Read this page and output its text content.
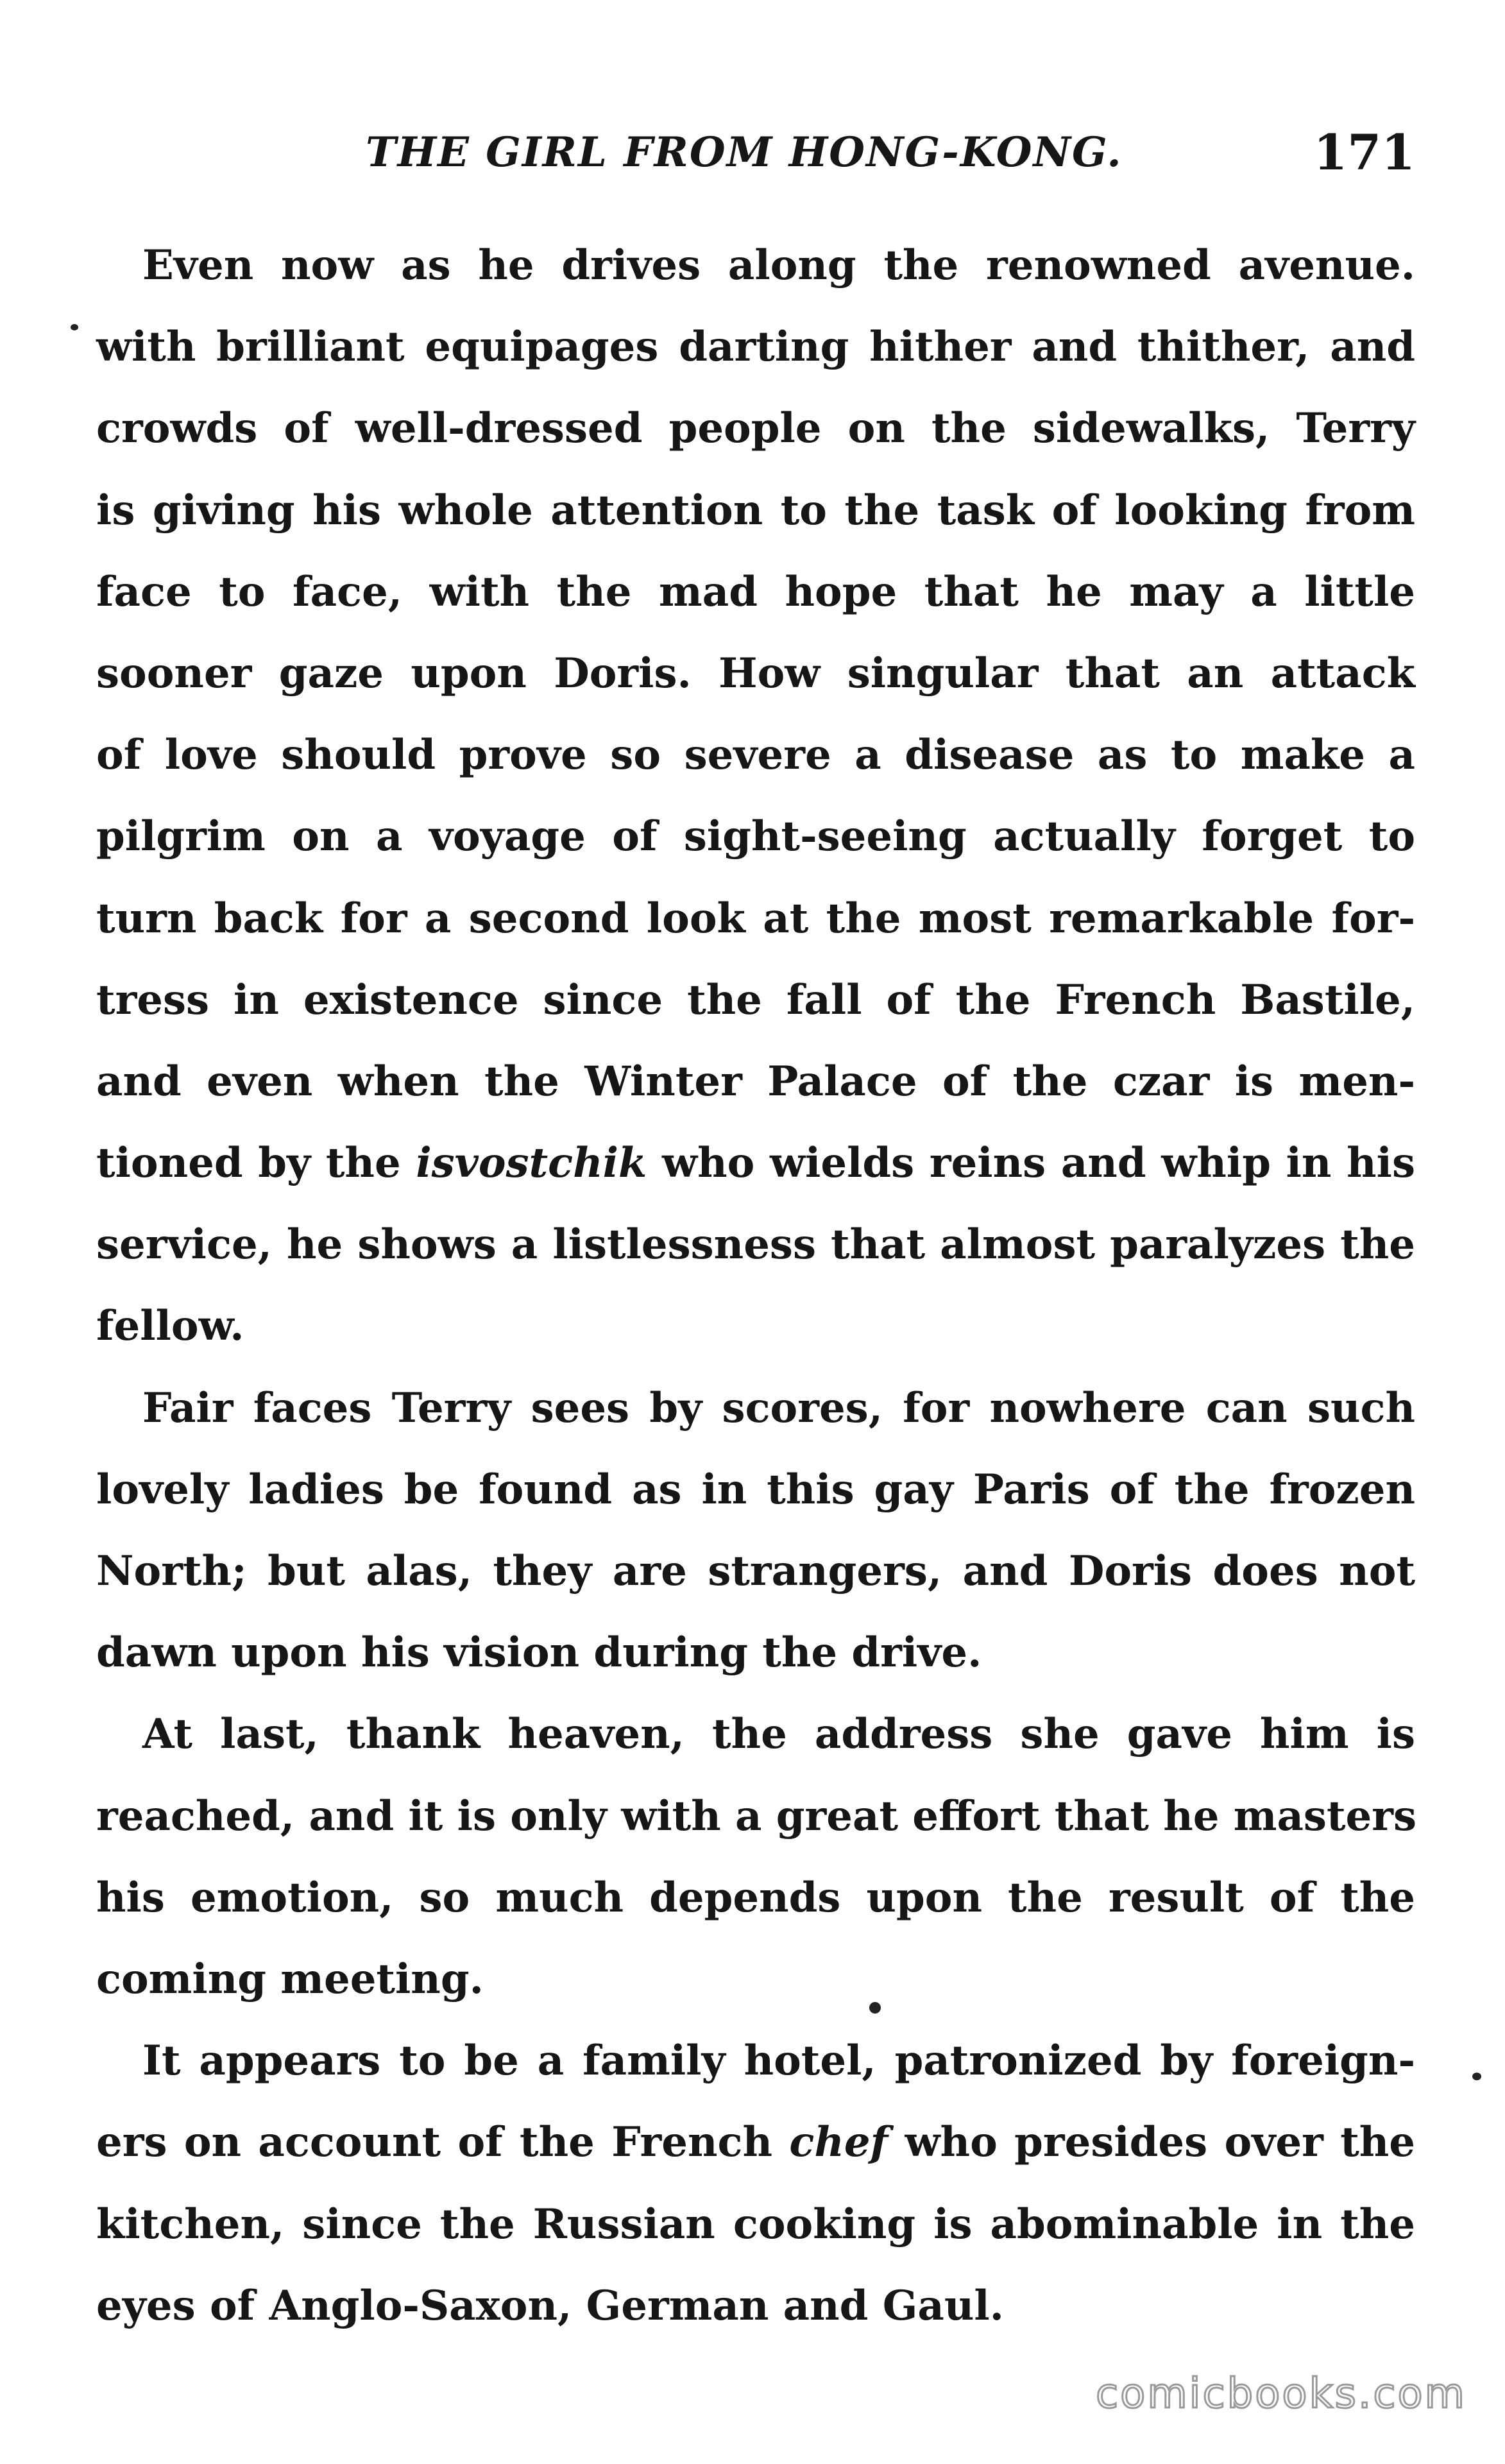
THE GIRL FROM HONG-KONG.	171
Even now as he drives along the renowned avenue.
with brilliant equipages darting hither and thither, and
crowds of well-dressed people on the sidewalks, Terry
is giving his whole attention to the task of looking from
face to face, with the mad hope that he may a little
sooner gaze upon Doris. How singular that an attack
of love should prove so severe a disease as to make a
pilgrim on a voyage of sight-seeing actually forget to
turn back for a second look at the most remarkable for-
tress in existence since the fall of the French Bastile,
and even when the Winter Palace of the czar is men-
tioned by the isvostchik who wields reins and whip in his
service, he shows a listlessness that almost paralyzes the
fellow.
Fair faces Terry sees by scores, for nowhere can such
lovely ladies be found as in this gay Paris of the frozen
North; but alas, they are strangers, and Doris does not
dawn upon his vision during the drive.
At last, thank heaven, the address she gave him is
reached, and it is only with a great effort that he masters
his emotion, so much depends upon the result of the
coming meeting.
It appears to be a family hotel, patronized by foreign-
ers on account of the French chef who presides over the
kitchen, since the Russian cooking is abominable in the
eyes of Anglo-Saxon, German and Gaul.
comicbooks.com
